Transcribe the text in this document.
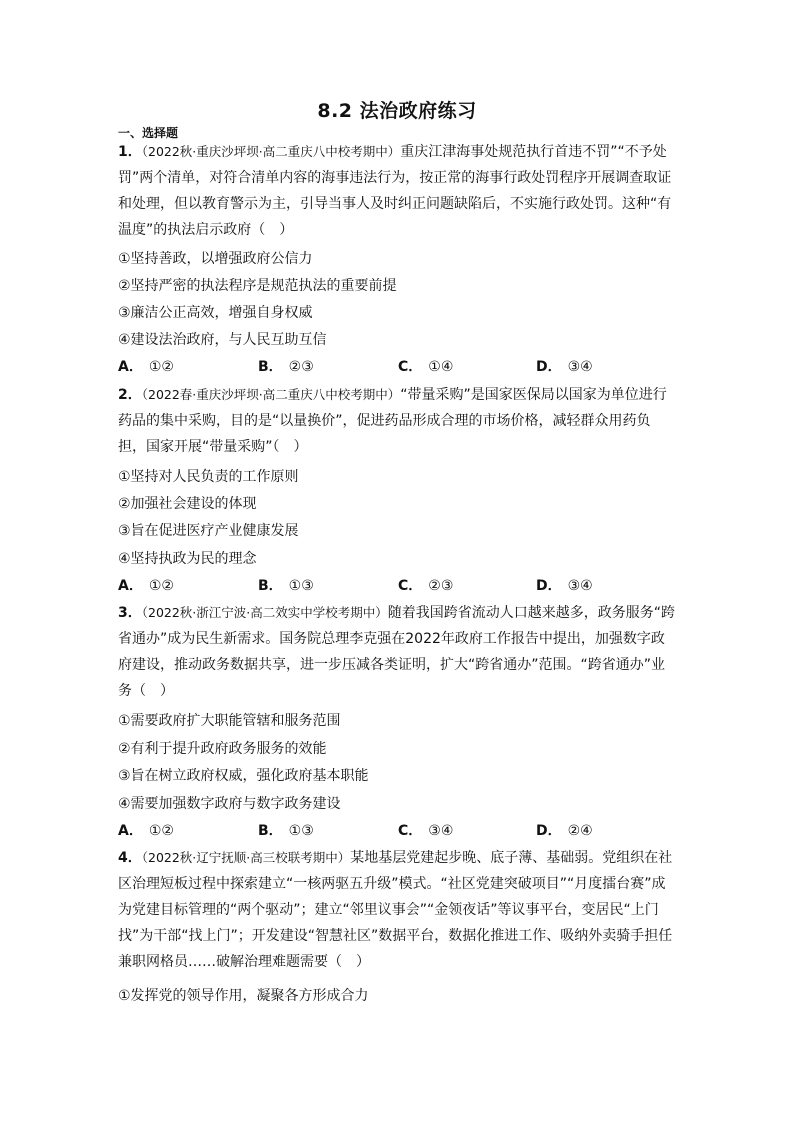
8.2 法治政府练习
一、选择题
1．（2022秋·重庆沙坪坝·高二重庆八中校考期中）重庆江津海事处规范执行首违不罚”“不予处罚”两个清单，对符合清单内容的海事违法行为，按正常的海事行政处罚程序开展调查取证和处理，但以教育警示为主，引导当事人及时纠正问题缺陷后，不实施行政处罚。这种“有温度”的执法启示政府（　）
①坚持善政，以增强政府公信力
②坚持严密的执法程序是规范执法的重要前提
③廉洁公正高效，增强自身权威
④建设法治政府，与人民互助互信
A． ①②	B． ②③	C． ①④	D． ③④
2．（2022春·重庆沙坪坝·高二重庆八中校考期中）“带量采购”是国家医保局以国家为单位进行药品的集中采购，目的是“以量换价”，促进药品形成合理的市场价格，减轻群众用药负担，国家开展“带量采购”（　）
①坚持对人民负责的工作原则
②加强社会建设的体现
③旨在促进医疗产业健康发展
④坚持执政为民的理念
A． ①②	B． ①③	C． ②③	D． ③④
3．（2022秋·浙江宁波·高二效实中学校考期中）随着我国跨省流动人口越来越多，政务服务“跨省通办”成为民生新需求。国务院总理李克强在2022年政府工作报告中提出，加强数字政府建设，推动政务数据共享，进一步压减各类证明，扩大“跨省通办”范围。“跨省通办”业务（　）
①需要政府扩大职能管辖和服务范围
②有利于提升政府政务服务的效能
③旨在树立政府权威，强化政府基本职能
④需要加强数字政府与数字政务建设
A． ①②	B． ①③	C． ③④	D． ②④
4．（2022秋·辽宁抚顺·高三校联考期中）某地基层党建起步晚、底子薄、基础弱。党组织在社区治理短板过程中探索建立“一核两驱五升级”模式。“社区党建突破项目”“月度擂台赛”成为党建目标管理的“两个驱动”；建立“邻里议事会”“金领夜话”等议事平台，变居民“上门找”为干部“找上门”；开发建设“智慧社区”数据平台，数据化推进工作、吸纳外卖骑手担任兼职网格员……破解治理难题需要（　）
①发挥党的领导作用，凝聚各方形成合力
